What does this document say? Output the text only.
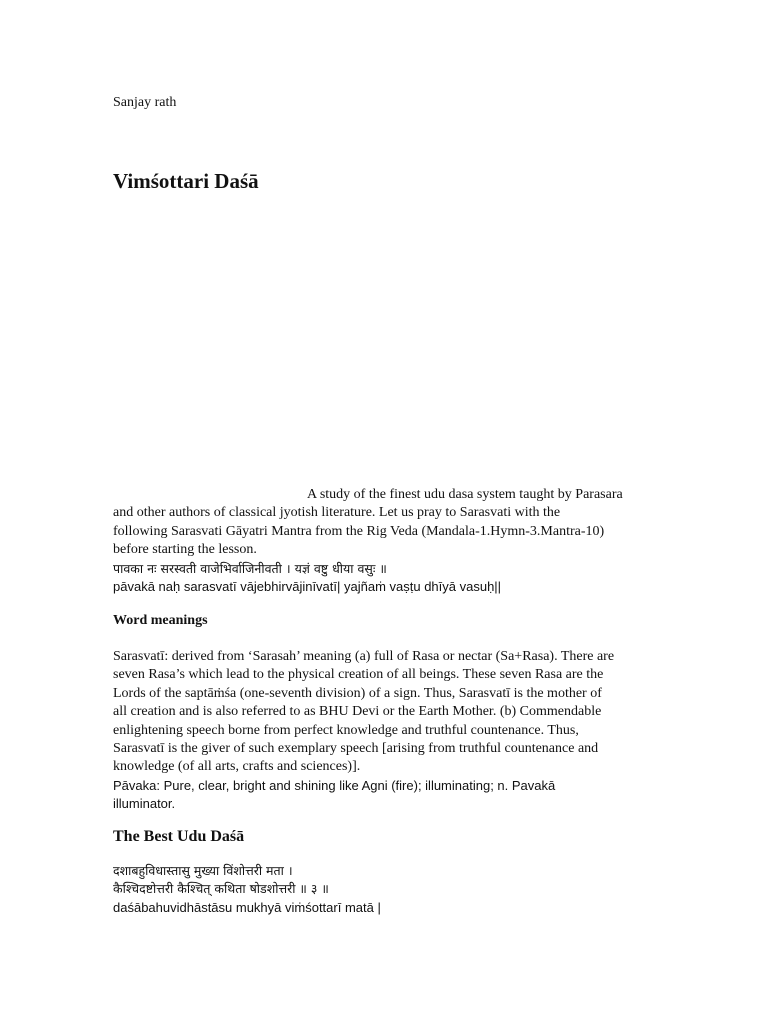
Sanjay rath
Vimśottari Daśā
A study of the finest udu dasa system taught by Parasara
and other authors of classical jyotish literature. Let us pray to Sarasvati with the
following Sarasvati Gāyatri Mantra from the Rig Veda (Mandala-1.Hymn-3.Mantra-10)
before starting the lesson.
पावका नः सरस्वती वाजेभिर्वाजिनीवती । यज्ञं वष्टु धीया वसुः ॥
pāvakā naḥ sarasvatī vājebhirvājinīvatī| yajñaṁ vaṣṭu dhīyā vasuḥ||
Word meanings
Sarasvatī: derived from ‘Sarasah’ meaning (a) full of Rasa or nectar (Sa+Rasa). There are
seven Rasa’s which lead to the physical creation of all beings. These seven Rasa are the
Lords of the saptāṁśa (one-seventh division) of a sign. Thus, Sarasvatī is the mother of
all creation and is also referred to as BHU Devi or the Earth Mother. (b) Commendable
enlightening speech borne from perfect knowledge and truthful countenance. Thus,
Sarasvatī is the giver of such exemplary speech [arising from truthful countenance and
knowledge (of all arts, crafts and sciences)].
Pāvaka: Pure, clear, bright and shining like Agni (fire); illuminating; n. Pavakā
illuminator.
The Best Udu Daśā
दशाबहुविधास्तासु मुख्या विंशोत्तरी मता ।
कैश्चिदष्टोत्तरी कैश्चित् कथिता षोडशोत्तरी ॥ ३ ॥
daśābahuvidhāstāsu mukhyā viṁśottarī matā |
